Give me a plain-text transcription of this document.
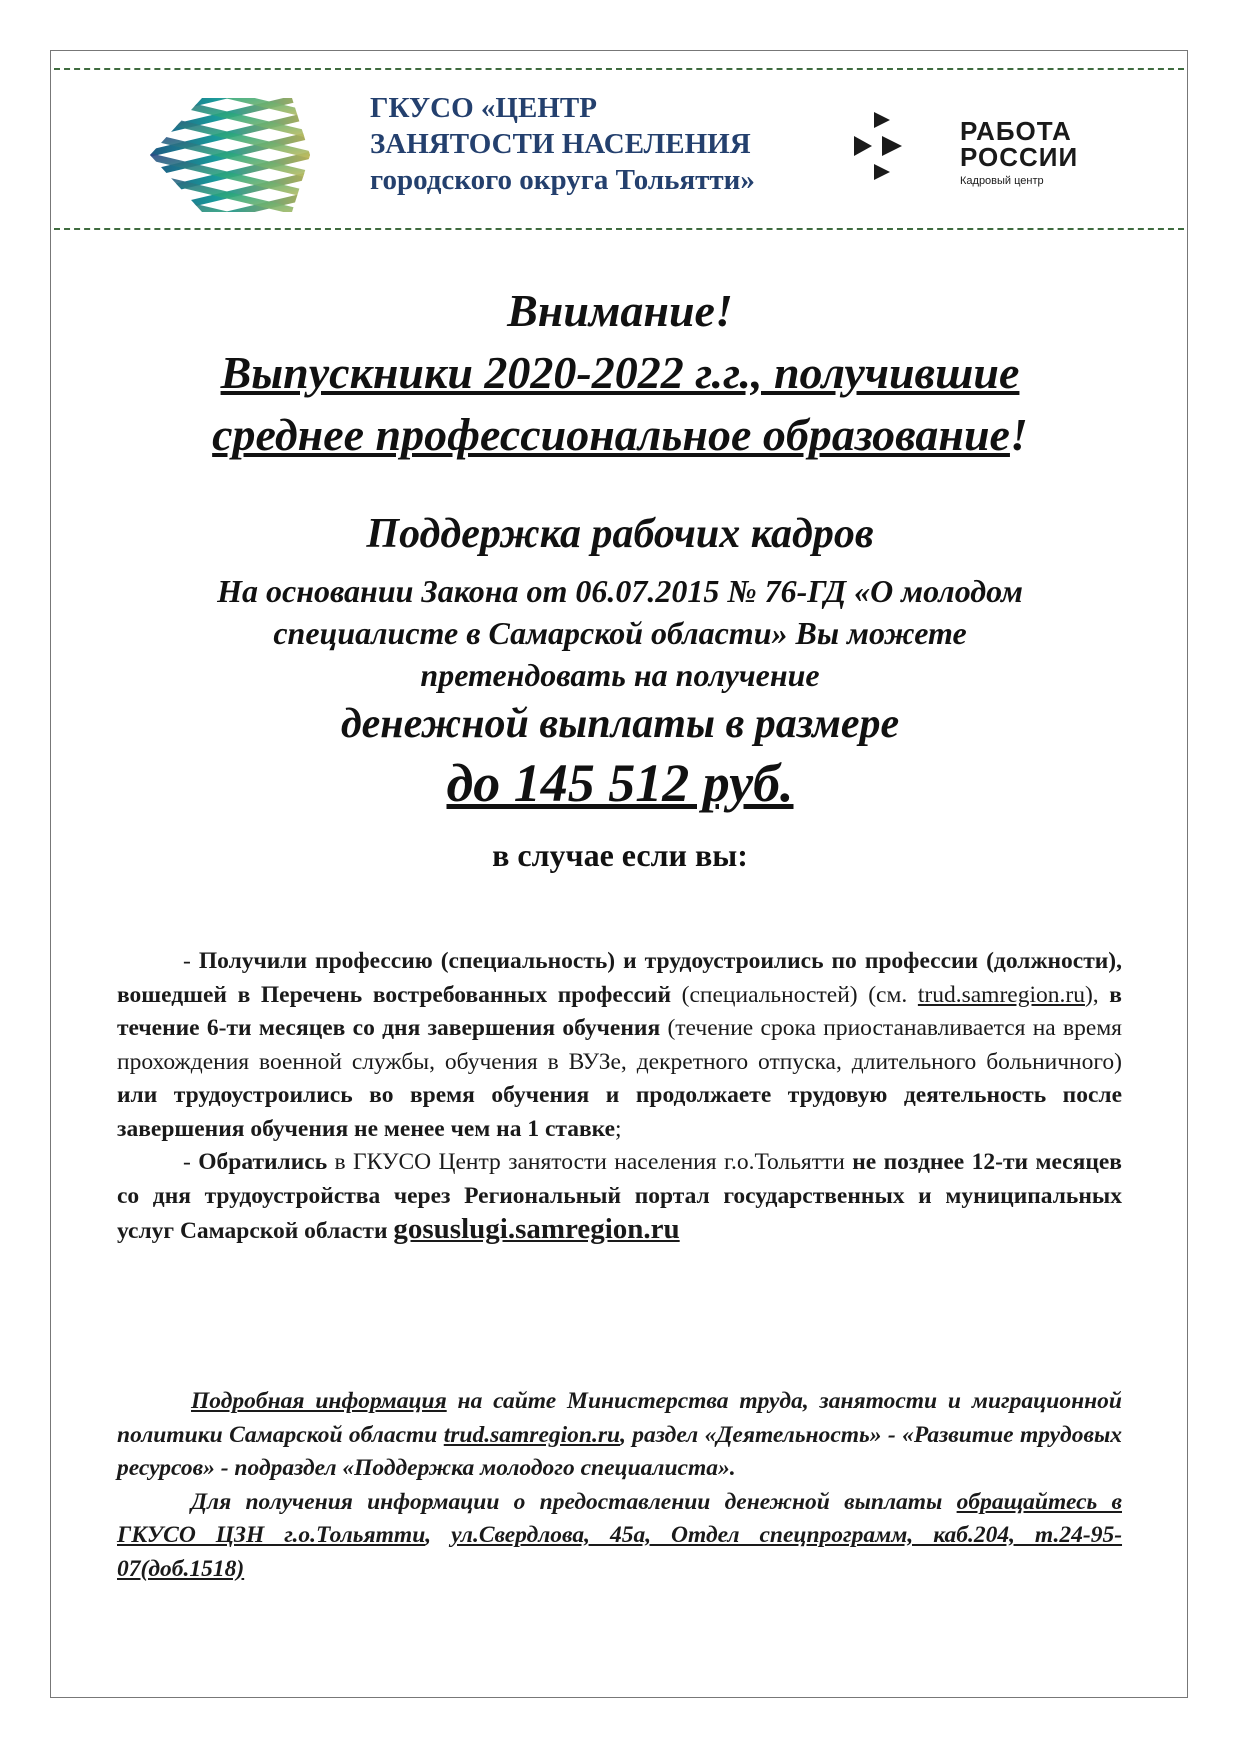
ГКУСО «ЦЕНТР
ЗАНЯТОСТИ НАСЕЛЕНИЯ
городского округа Тольятти»
РАБОТА
РОССИИ
Кадровый центр
Внимание!
Выпускники 2020-2022 г.г., получившие
среднее профессиональное образование!
Поддержка рабочих кадров
На основании Закона от 06.07.2015 № 76-ГД «О молодом
специалисте в Самарской области» Вы можете
претендовать на получение
денежной выплаты в размере
до 145 512 руб.
в случае если вы:

- Получили профессию (специальность) и трудоустроились по профессии (должности), вошедшей в Перечень востребованных профессий (специальностей) (см. trud.samregion.ru), в течение 6-ти месяцев со дня завершения обучения (течение срока приостанавливается на время прохождения военной службы, обучения в ВУЗе, декретного отпуска, длительного больничного) или трудоустроились во время обучения и продолжаете трудовую деятельность после завершения обучения не менее чем на 1 ставке;

- Обратились в ГКУСО Центр занятости населения г.о.Тольятти не позднее 12-ти месяцев со дня трудоустройства через Региональный портал государственных и муниципальных услуг Самарской области gosuslugi.samregion.ru

Подробная информация на сайте Министерства труда, занятости и миграционной политики Самарской области trud.samregion.ru, раздел «Деятельность» - «Развитие трудовых ресурсов» - подраздел «Поддержка молодого специалиста».

Для получения информации о предоставлении денежной выплаты обращайтесь в ГКУСО ЦЗН г.о.Тольятти, ул.Свердлова, 45а, Отдел спецпрограмм, каб.204, т.24-95-07(доб.1518)
